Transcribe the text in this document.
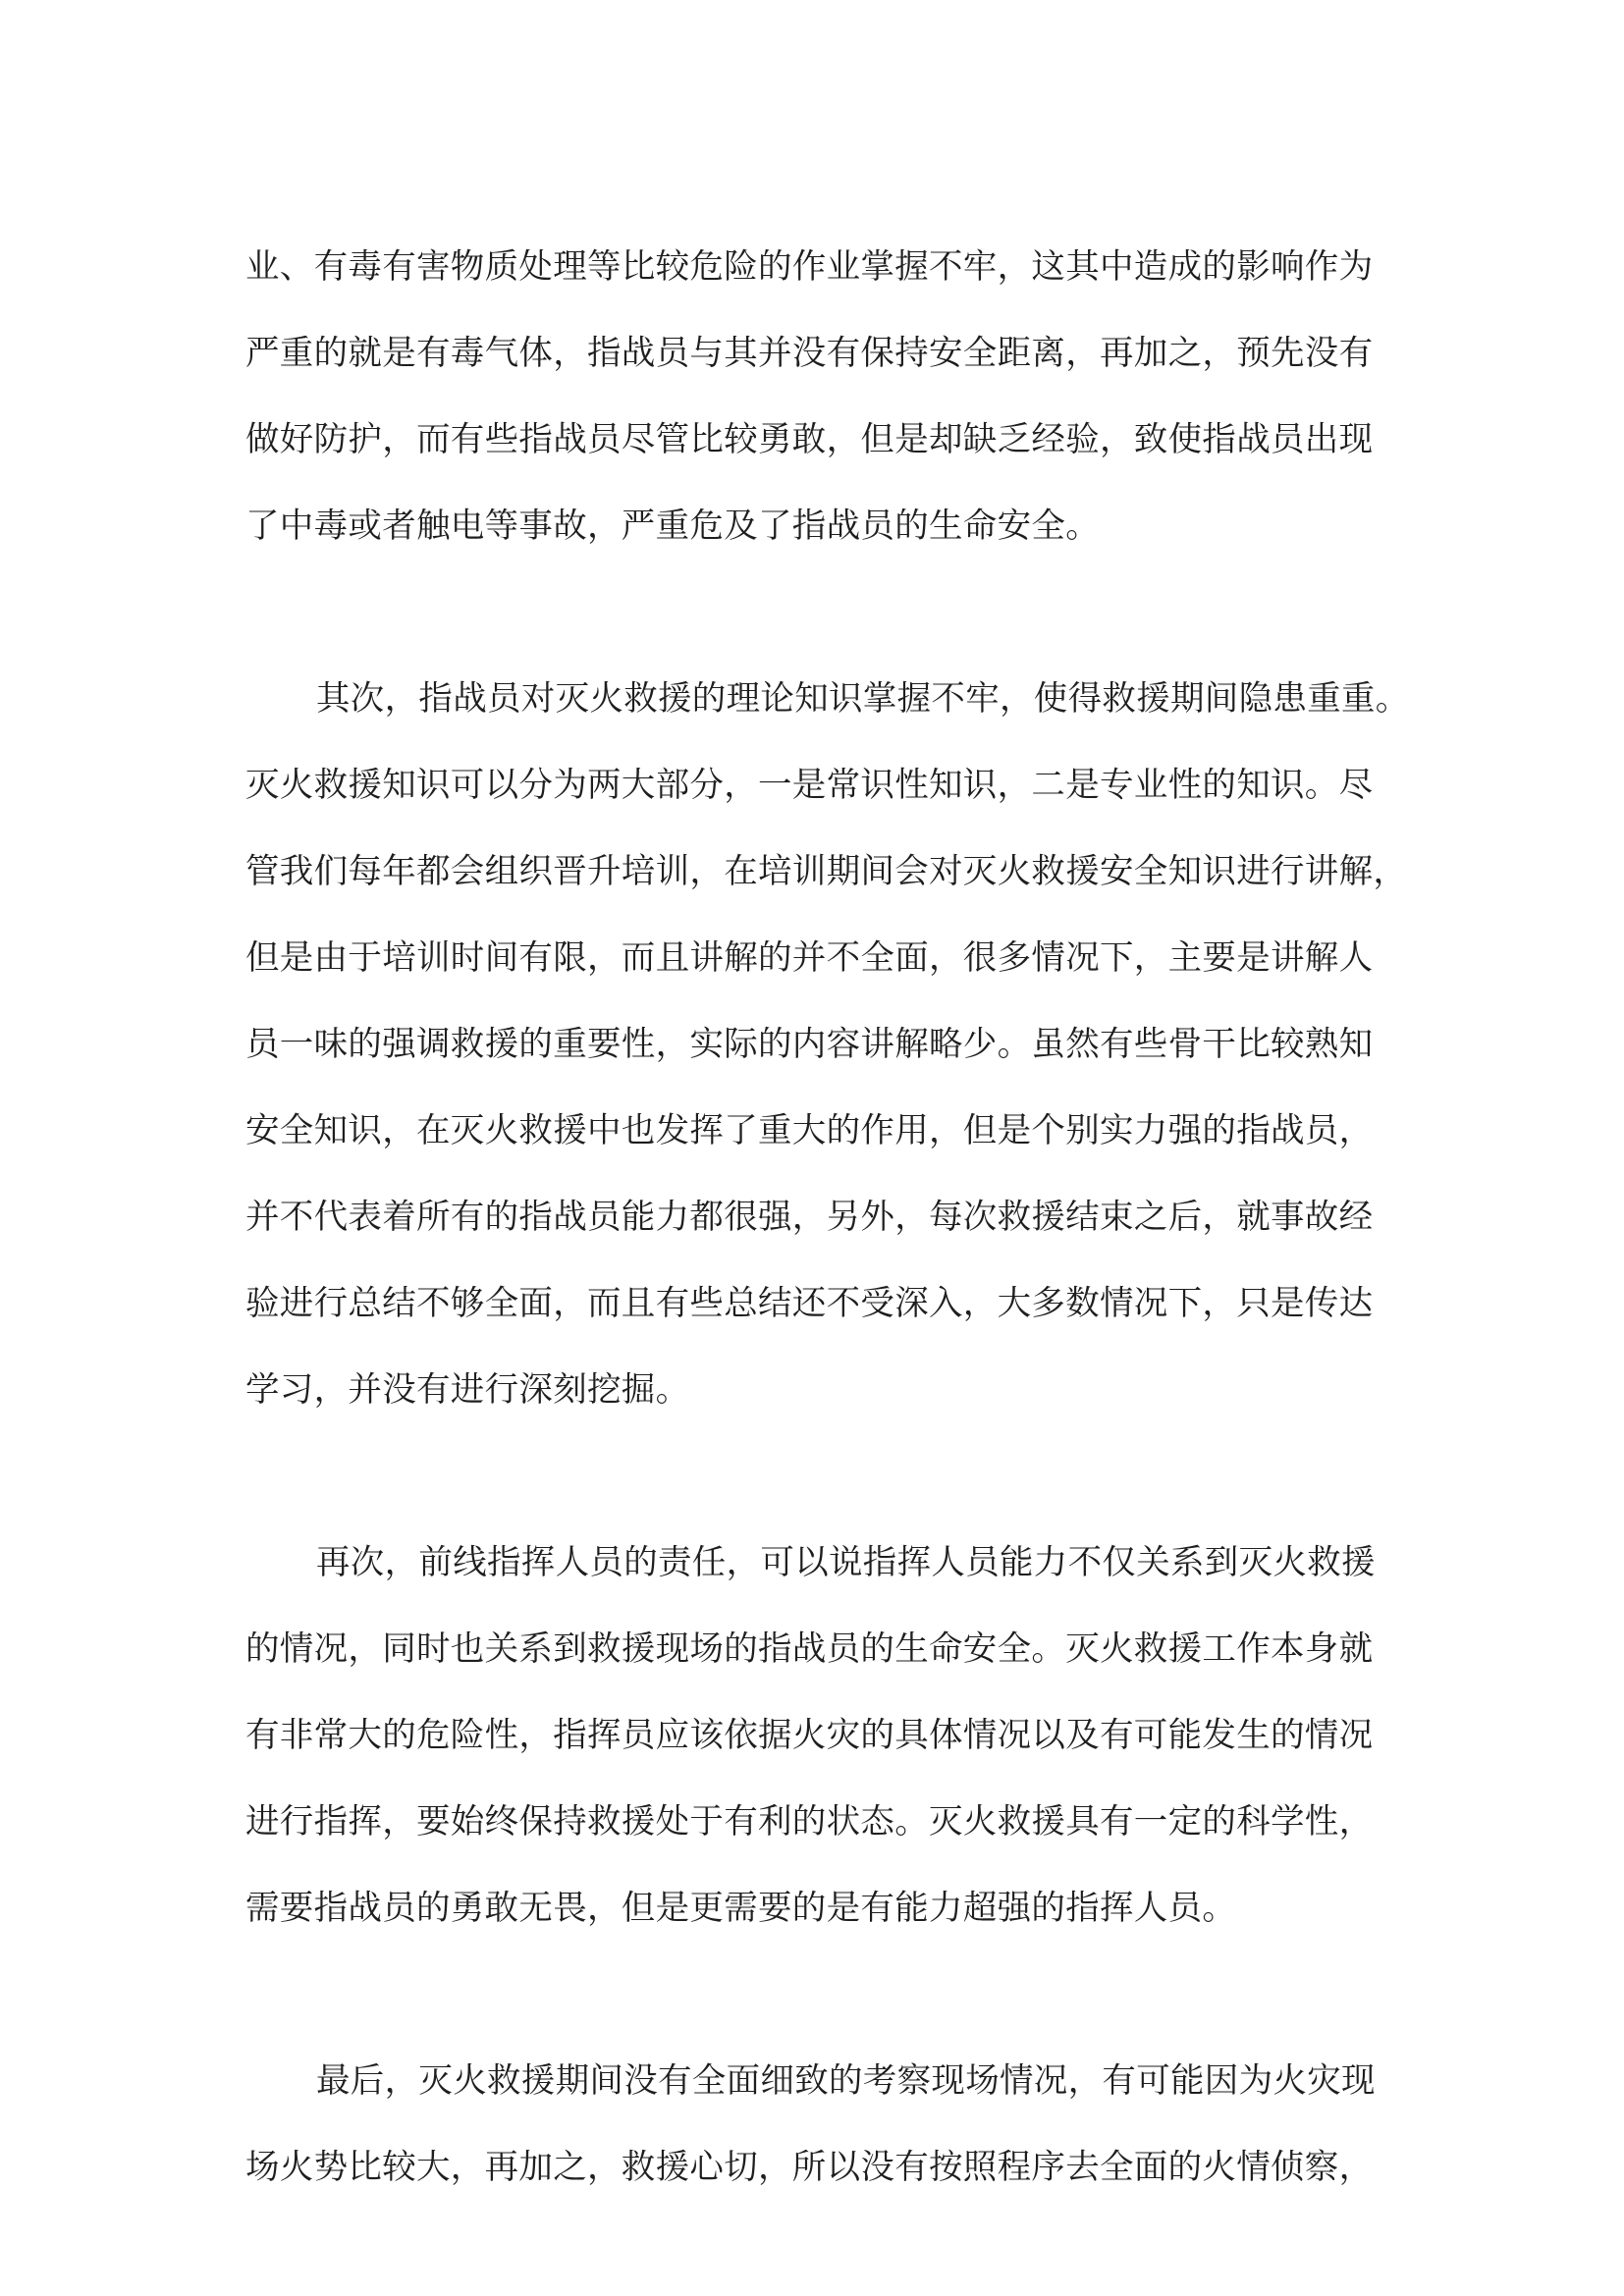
业、有毒有害物质处理等比较危险的作业掌握不牢，这其中造成的影响作为
严重的就是有毒气体，指战员与其并没有保持安全距离，再加之，预先没有
做好防护，而有些指战员尽管比较勇敢，但是却缺乏经验，致使指战员出现
了中毒或者触电等事故，严重危及了指战员的生命安全。
其次，指战员对灭火救援的理论知识掌握不牢，使得救援期间隐患重重。
灭火救援知识可以分为两大部分，一是常识性知识，二是专业性的知识。尽
管我们每年都会组织晋升培训，在培训期间会对灭火救援安全知识进行讲解，
但是由于培训时间有限，而且讲解的并不全面，很多情况下，主要是讲解人
员一味的强调救援的重要性，实际的内容讲解略少。虽然有些骨干比较熟知
安全知识，在灭火救援中也发挥了重大的作用，但是个别实力强的指战员，
并不代表着所有的指战员能力都很强，另外，每次救援结束之后，就事故经
验进行总结不够全面，而且有些总结还不受深入，大多数情况下，只是传达
学习，并没有进行深刻挖掘。
再次，前线指挥人员的责任，可以说指挥人员能力不仅关系到灭火救援
的情况，同时也关系到救援现场的指战员的生命安全。灭火救援工作本身就
有非常大的危险性，指挥员应该依据火灾的具体情况以及有可能发生的情况
进行指挥，要始终保持救援处于有利的状态。灭火救援具有一定的科学性，
需要指战员的勇敢无畏，但是更需要的是有能力超强的指挥人员。
最后，灭火救援期间没有全面细致的考察现场情况，有可能因为火灾现
场火势比较大，再加之，救援心切，所以没有按照程序去全面的火情侦察，
